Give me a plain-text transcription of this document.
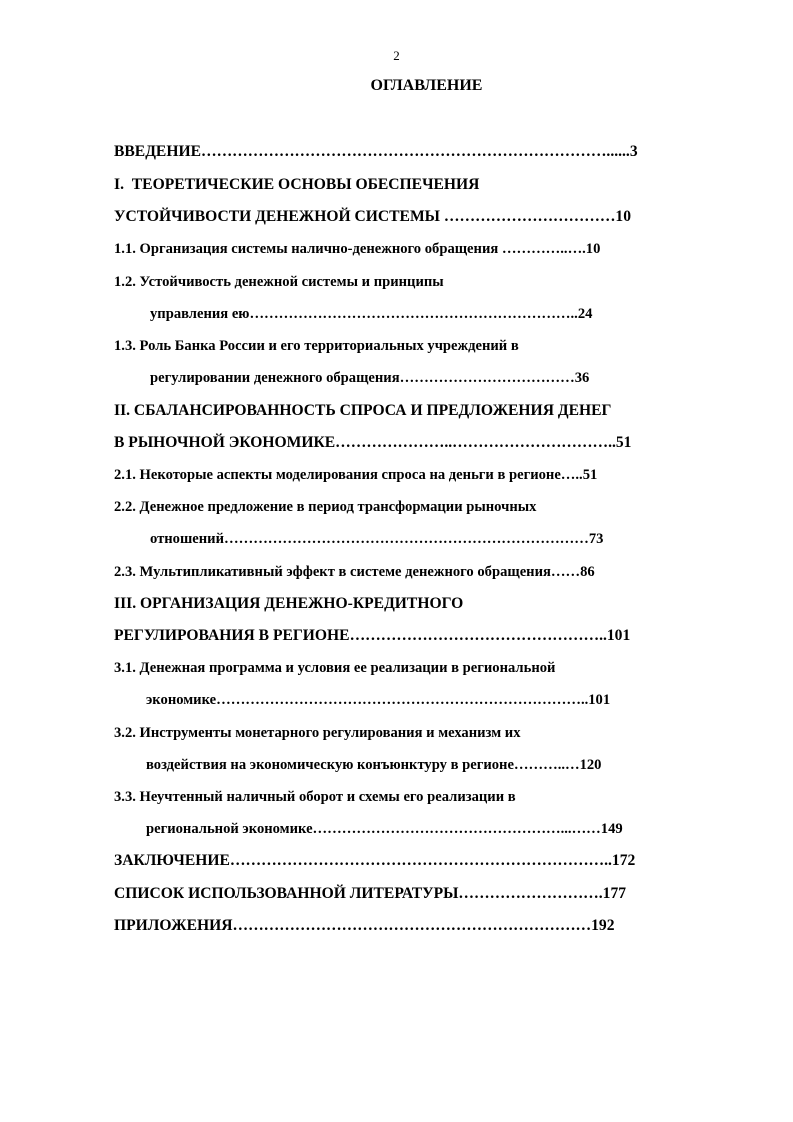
2
ОГЛАВЛЕНИЕ
ВВЕДЕНИЕ……………………………………………………………………......3
I.  ТЕОРЕТИЧЕСКИЕ ОСНОВЫ ОБЕСПЕЧЕНИЯ
УСТОЙЧИВОСТИ ДЕНЕЖНОЙ СИСТЕМЫ ……………………………10
1.1. Организация системы налично-денежного обращения …………..….10
1.2. Устойчивость денежной системы и принципы
управления ею…………………………………………………………..24
1.3. Роль Банка России и его территориальных учреждений в
регулировании денежного обращения………………………………36
II. СБАЛАНСИРОВАННОСТЬ СПРОСА И ПРЕДЛОЖЕНИЯ ДЕНЕГ
В РЫНОЧНОЙ ЭКОНОМИКЕ…………………..…………………………..51
2.1. Некоторые аспекты моделирования спроса на деньги в регионе…..51
2.2. Денежное предложение в период трансформации рыночных
отношений…………………………………………………………………73
2.3. Мультипликативный эффект в системе денежного обращения……86
III. ОРГАНИЗАЦИЯ ДЕНЕЖНО-КРЕДИТНОГО
РЕГУЛИРОВАНИЯ В РЕГИОНЕ…………………………………………..101
3.1. Денежная программа и условия ее реализации в региональной
экономике…………………………………………………………………..101
3.2. Инструменты монетарного регулирования и механизм их
воздействия на экономическую конъюнктуру в регионе………..…120
3.3. Неучтенный наличный оборот и схемы его реализации в
региональной экономике……………………………………………...……149
ЗАКЛЮЧЕНИЕ………………………………………………………………..172
СПИСОК ИСПОЛЬЗОВАННОЙ ЛИТЕРАТУРЫ……………………….177
ПРИЛОЖЕНИЯ……………………………………………………………192
